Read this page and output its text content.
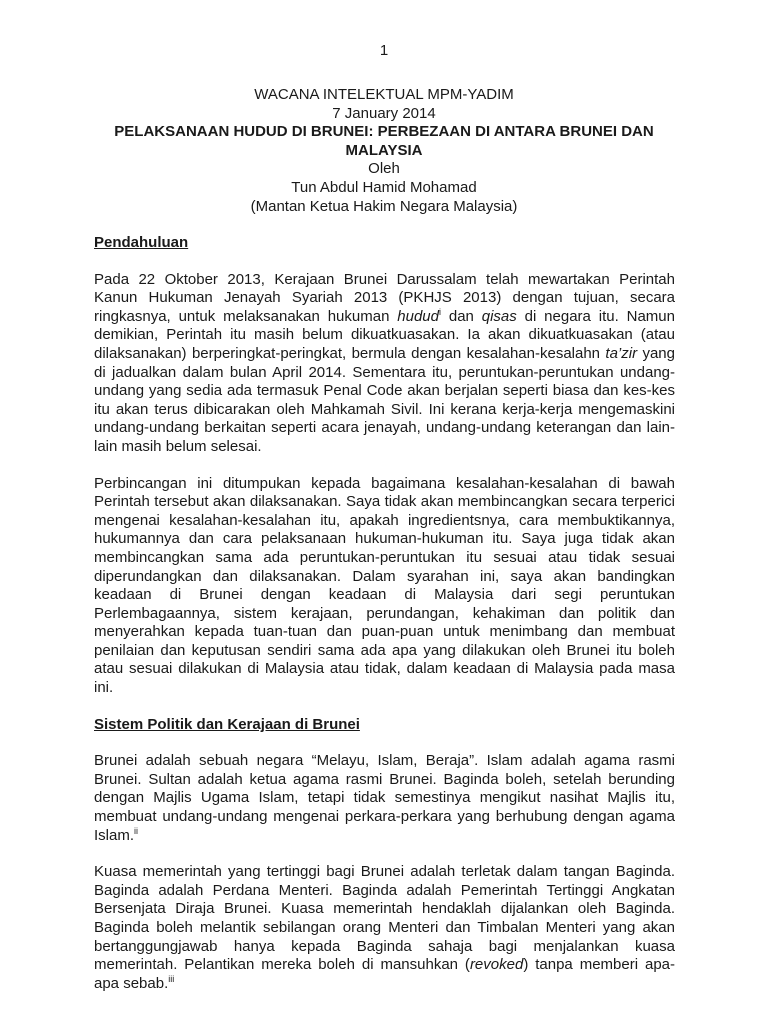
1
WACANA INTELEKTUAL MPM-YADIM
7 January 2014
PELAKSANAAN HUDUD DI BRUNEI: PERBEZAAN DI ANTARA BRUNEI DAN MALAYSIA
Oleh
Tun Abdul Hamid Mohamad
(Mantan Ketua Hakim Negara Malaysia)
Pendahuluan

Pada 22 Oktober 2013, Kerajaan Brunei Darussalam telah mewartakan Perintah Kanun Hukuman Jenayah Syariah 2013 (PKHJS 2013) dengan tujuan, secara ringkasnya, untuk melaksanakan hukuman hudud$^i$ dan qisas di negara itu. Namun demikian, Perintah itu masih belum dikuatkuasakan. Ia akan dikuatkuasakan (atau dilaksanakan) berperingkat-peringkat, bermula dengan kesalahan-kesalahn ta’zir yang di jadualkan dalam bulan April 2014. Sementara itu, peruntukan-peruntukan undang-undang yang sedia ada termasuk Penal Code akan berjalan seperti biasa dan kes-kes itu akan terus dibicarakan oleh Mahkamah Sivil. Ini kerana kerja-kerja mengemaskini undang-undang berkaitan seperti acara jenayah, undang-undang keterangan dan lain-lain masih belum selesai.

Perbincangan ini ditumpukan kepada bagaimana kesalahan-kesalahan di bawah Perintah tersebut akan dilaksanakan. Saya tidak akan membincangkan secara terperici mengenai kesalahan-kesalahan itu, apakah ingredientsnya, cara membuktikannya, hukumannya dan cara pelaksanaan hukuman-hukuman itu. Saya juga tidak akan membincangkan sama ada peruntukan-peruntukan itu sesuai atau tidak sesuai diperundangkan dan dilaksanakan. Dalam syarahan ini, saya akan bandingkan keadaan di Brunei dengan keadaan di Malaysia dari segi peruntukan Perlembagaannya, sistem kerajaan, perundangan, kehakiman dan politik dan menyerahkan kepada tuan-tuan dan puan-puan untuk menimbang dan membuat penilaian dan keputusan sendiri sama ada apa yang dilakukan oleh Brunei itu boleh atau sesuai dilakukan di Malaysia atau tidak, dalam keadaan di Malaysia pada masa ini.

Sistem Politik dan Kerajaan di Brunei

Brunei adalah sebuah negara “Melayu, Islam, Beraja”. Islam adalah agama rasmi Brunei. Sultan adalah ketua agama rasmi Brunei. Baginda boleh, setelah berunding dengan Majlis Ugama Islam, tetapi tidak semestinya mengikut nasihat Majlis itu, membuat undang-undang mengenai perkara-perkara yang berhubung dengan agama Islam.$^{ii}$

Kuasa memerintah yang tertinggi bagi Brunei adalah terletak dalam tangan Baginda. Baginda adalah Perdana Menteri. Baginda adalah Pemerintah Tertinggi Angkatan Bersenjata Diraja Brunei. Kuasa memerintah hendaklah dijalankan oleh Baginda. Baginda boleh melantik sebilangan orang Menteri dan Timbalan Menteri yang akan bertanggungjawab hanya kepada Baginda sahaja bagi menjalankan kuasa memerintah. Pelantikan mereka boleh di mansuhkan (revoked) tanpa memberi apa-apa sebab.$^{iii}$
